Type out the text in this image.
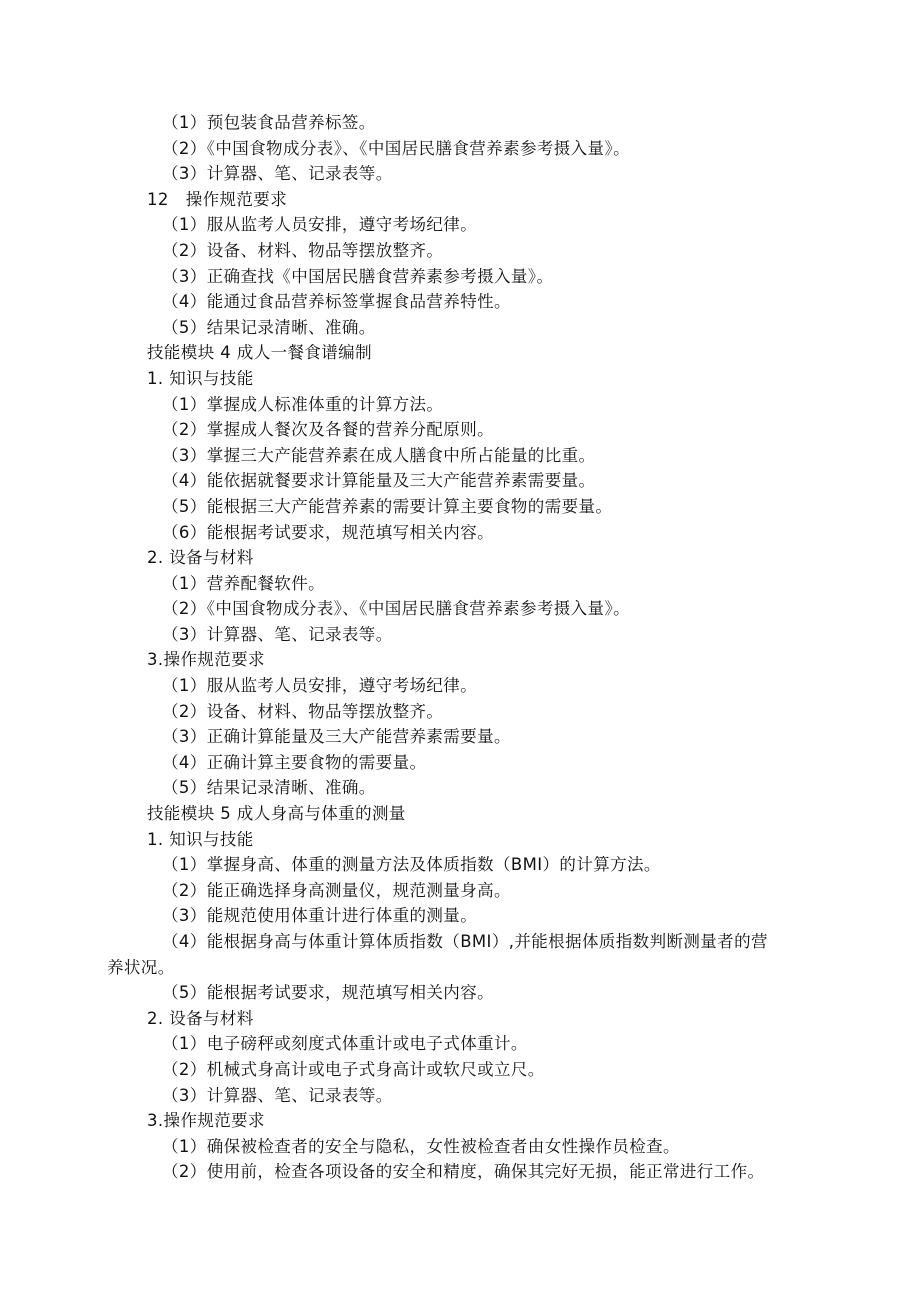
（1）预包装食品营养标签。
（2）《中国食物成分表》、《中国居民膳食营养素参考摄入量》。
（3）计算器、笔、记录表等。
12　操作规范要求
（1）服从监考人员安排，遵守考场纪律。
（2）设备、材料、物品等摆放整齐。
（3）正确查找《中国居民膳食营养素参考摄入量》。
（4）能通过食品营养标签掌握食品营养特性。
（5）结果记录清晰、准确。
技能模块 4 成人一餐食谱编制
1. 知识与技能
（1）掌握成人标准体重的计算方法。
（2）掌握成人餐次及各餐的营养分配原则。
（3）掌握三大产能营养素在成人膳食中所占能量的比重。
（4）能依据就餐要求计算能量及三大产能营养素需要量。
（5）能根据三大产能营养素的需要计算主要食物的需要量。
（6）能根据考试要求，规范填写相关内容。
2. 设备与材料
（1）营养配餐软件。
（2）《中国食物成分表》、《中国居民膳食营养素参考摄入量》。
（3）计算器、笔、记录表等。
3.操作规范要求
（1）服从监考人员安排，遵守考场纪律。
（2）设备、材料、物品等摆放整齐。
（3）正确计算能量及三大产能营养素需要量。
（4）正确计算主要食物的需要量。
（5）结果记录清晰、准确。
技能模块 5 成人身高与体重的测量
1. 知识与技能
（1）掌握身高、体重的测量方法及体质指数（BMI）的计算方法。
（2）能正确选择身高测量仪，规范测量身高。
（3）能规范使用体重计进行体重的测量。
（4）能根据身高与体重计算体质指数（BMI）,并能根据体质指数判断测量者的营
养状况。
（5）能根据考试要求，规范填写相关内容。
2. 设备与材料
（1）电子磅秤或刻度式体重计或电子式体重计。
（2）机械式身高计或电子式身高计或软尺或立尺。
（3）计算器、笔、记录表等。
3.操作规范要求
（1）确保被检查者的安全与隐私，女性被检查者由女性操作员检查。
（2）使用前，检查各项设备的安全和精度，确保其完好无损，能正常进行工作。
